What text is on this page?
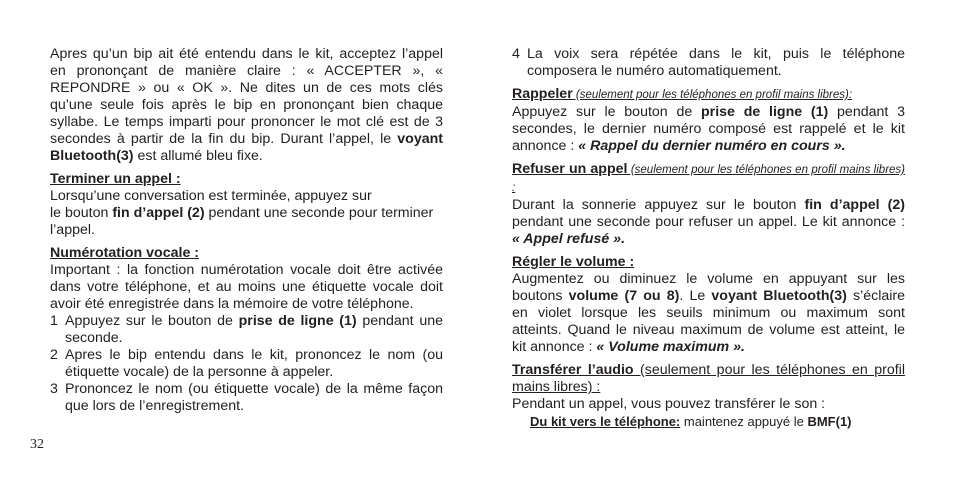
Apres qu’un bip ait été entendu dans le kit, acceptez l’appel en prononçant de manière claire : « ACCEPTER », « REPONDRE » ou « OK ». Ne dites un de ces mots clés qu’une seule fois après le bip en prononçant bien chaque syllabe. Le temps imparti pour prononcer le mot clé est de 3 secondes à partir de la fin du bip. Durant l’appel, le voyant Bluetooth(3) est allumé bleu fixe.

Terminer un appel :

Lorsqu’une conversation est terminée, appuyez sur

le bouton fin d’appel (2) pendant une seconde pour terminer l’appel.

Numérotation vocale :

Important : la fonction numérotation vocale doit être activée dans votre téléphone, et au moins une étiquette vocale doit avoir été enregistrée dans la mémoire de votre téléphone.

1 Appuyez sur le bouton de prise de ligne (1) pendant une seconde.

2 Apres le bip entendu dans le kit, prononcez le nom (ou étiquette vocale) de la personne à appeler.

3 Prononcez le nom (ou étiquette vocale) de la même façon que lors de l’enregistrement.

4 La voix sera répétée dans le kit, puis le téléphone composera le numéro automatiquement.

Rappeler (seulement pour les téléphones en profil mains libres):

Appuyez sur le bouton de prise de ligne (1) pendant 3 secondes, le dernier numéro composé est rappelé et le kit annonce : « Rappel du dernier numéro en cours ».

Refuser un appel (seulement pour les téléphones en profil mains libres) :

Durant la sonnerie appuyez sur le bouton fin d’appel (2) pendant une seconde pour refuser un appel. Le kit annonce : « Appel refusé ».

Régler le volume :

Augmentez ou diminuez le volume en appuyant sur les boutons volume (7 ou 8). Le voyant Bluetooth(3) s’éclaire en violet lorsque les seuils minimum ou maximum sont atteints. Quand le niveau maximum de volume est atteint, le kit annonce : « Volume maximum ».

Transférer l’audio (seulement pour les téléphones en profil mains libres) :

Pendant un appel, vous pouvez transférer le son :

Du kit vers le téléphone: maintenez appuyé le BMF(1)

32
